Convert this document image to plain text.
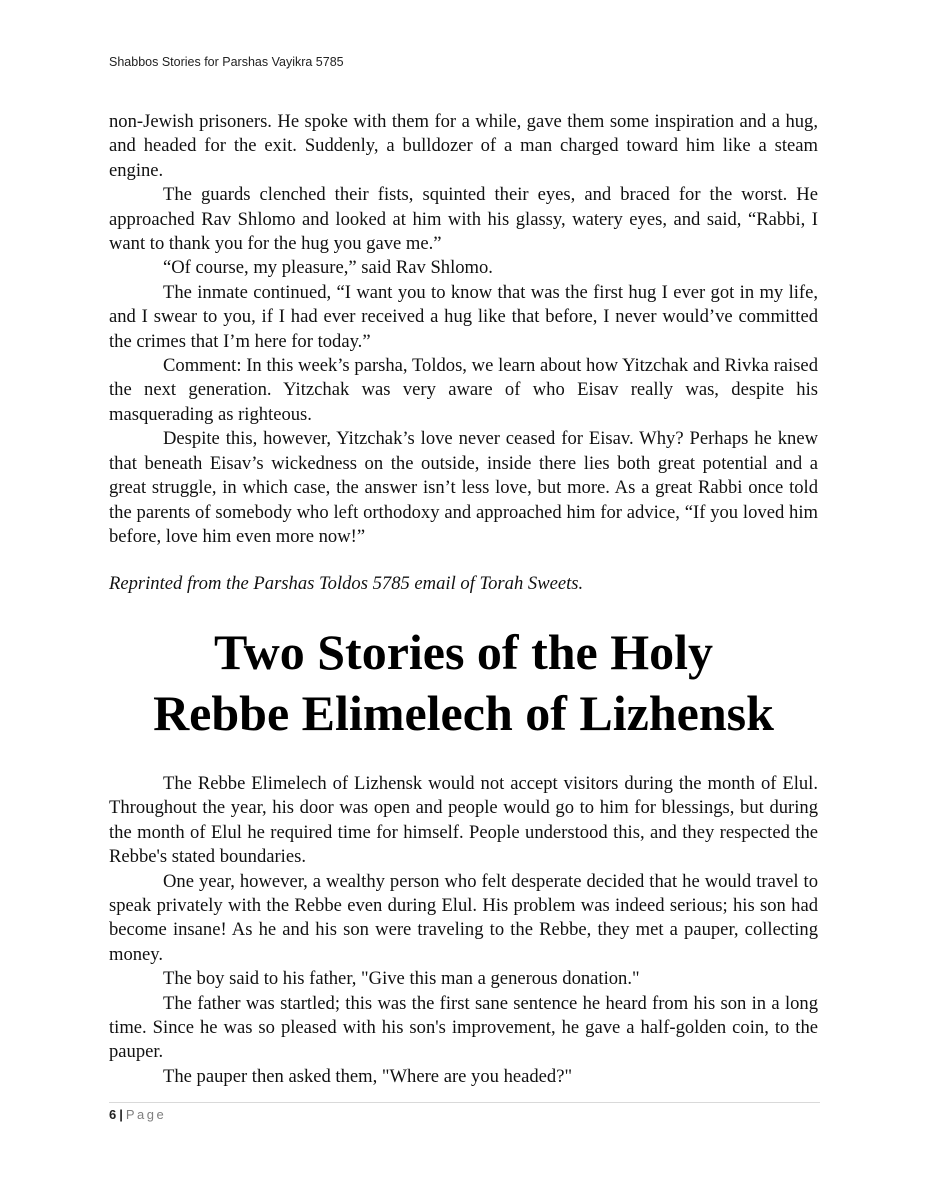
Shabbos Stories for Parshas Vayikra 5785

non-Jewish prisoners. He spoke with them for a while, gave them some inspiration and a hug, and headed for the exit. Suddenly, a bulldozer of a man charged toward him like a steam engine.

The guards clenched their fists, squinted their eyes, and braced for the worst. He approached Rav Shlomo and looked at him with his glassy, watery eyes, and said, “Rabbi, I want to thank you for the hug you gave me.”

“Of course, my pleasure,” said Rav Shlomo.

The inmate continued, “I want you to know that was the first hug I ever got in my life, and I swear to you, if I had ever received a hug like that before, I never would’ve committed the crimes that I’m here for today.”

Comment: In this week’s parsha, Toldos, we learn about how Yitzchak and Rivka raised the next generation. Yitzchak was very aware of who Eisav really was, despite his masquerading as righteous.

Despite this, however, Yitzchak’s love never ceased for Eisav. Why? Perhaps he knew that beneath Eisav’s wickedness on the outside, inside there lies both great potential and a great struggle, in which case, the answer isn’t less love, but more. As a great Rabbi once told the parents of somebody who left orthodoxy and approached him for advice, “If you loved him before, love him even more now!”

Reprinted from the Parshas Toldos 5785 email of Torah Sweets.
Two Stories of the Holy
Rebbe Elimelech of Lizhensk

The Rebbe Elimelech of Lizhensk would not accept visitors during the month of Elul. Throughout the year, his door was open and people would go to him for blessings, but during the month of Elul he required time for himself. People understood this, and they respected the Rebbe's stated boundaries.

One year, however, a wealthy person who felt desperate decided that he would travel to speak privately with the Rebbe even during Elul. His problem was indeed serious; his son had become insane! As he and his son were traveling to the Rebbe, they met a pauper, collecting money.

The boy said to his father, "Give this man a generous donation."

The father was startled; this was the first sane sentence he heard from his son in a long time. Since he was so pleased with his son's improvement, he gave a half-golden coin, to the pauper.

The pauper then asked them, "Where are you headed?"

6 | Page
